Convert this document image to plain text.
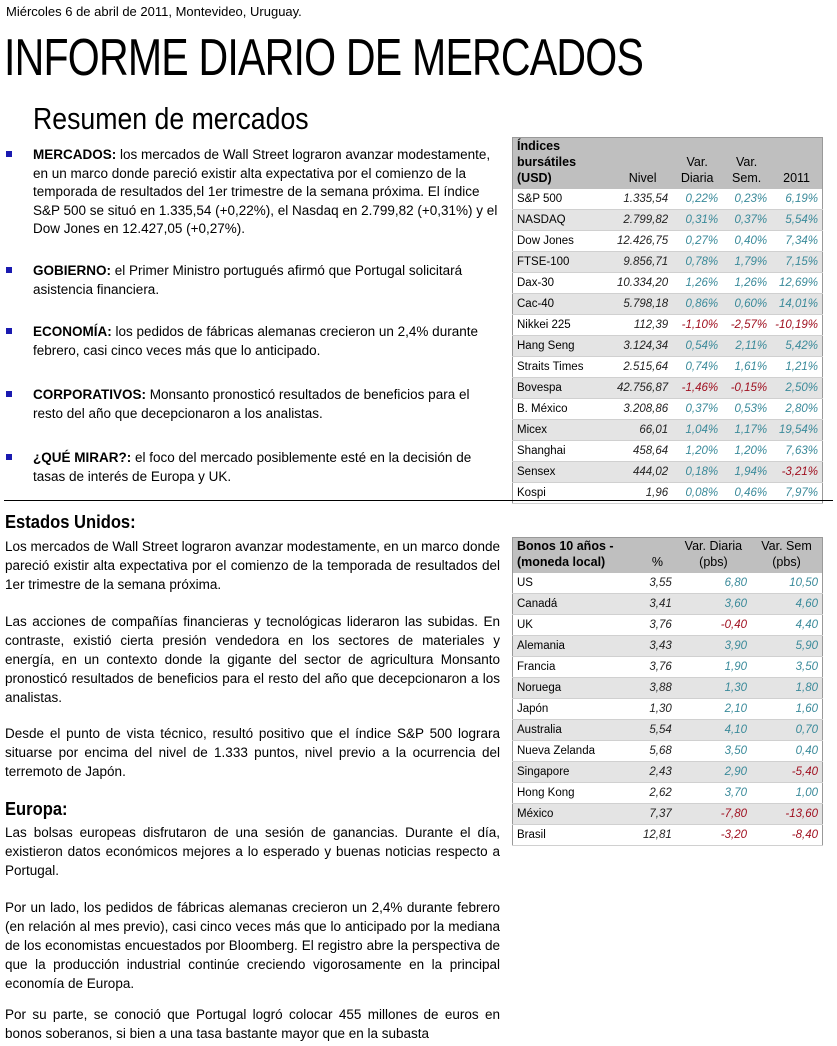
Miércoles 6 de abril de 2011, Montevideo, Uruguay.
INFORME DIARIO DE MERCADOS
Resumen de mercados
MERCADOS: los mercados de Wall Street lograron avanzar modestamente, en un marco donde pareció existir alta expectativa por el comienzo de la temporada de resultados del 1er trimestre de la semana próxima. El índice S&P 500 se situó en 1.335,54 (+0,22%), el Nasdaq en 2.799,82 (+0,31%) y el Dow Jones en 12.427,05 (+0,27%).
GOBIERNO: el Primer Ministro portugués afirmó que Portugal solicitará asistencia financiera.
ECONOMÍA: los pedidos de fábricas alemanas crecieron un 2,4% durante febrero, casi cinco veces más que lo anticipado.
CORPORATIVOS: Monsanto pronosticó resultados de beneficios para el resto del año que decepcionaron a los analistas.
¿QUÉ MIRAR?: el foco del mercado posiblemente esté en la decisión de tasas de interés de Europa y UK.
Índices bursátiles (USD)	Nivel	Var. Diaria	Var. Sem.	2011
S&P 500	1.335,54	0,22%	0,23%	6,19%
NASDAQ	2.799,82	0,31%	0,37%	5,54%
Dow Jones	12.426,75	0,27%	0,40%	7,34%
FTSE-100	9.856,71	0,78%	1,79%	7,15%
Dax-30	10.334,20	1,26%	1,26%	12,69%
Cac-40	5.798,18	0,86%	0,60%	14,01%
Nikkei 225	112,39	-1,10%	-2,57%	-10,19%
Hang Seng	3.124,34	0,54%	2,11%	5,42%
Straits Times	2.515,64	0,74%	1,61%	1,21%
Bovespa	42.756,87	-1,46%	-0,15%	2,50%
B. México	3.208,86	0,37%	0,53%	2,80%
Micex	66,01	1,04%	1,17%	19,54%
Shanghai	458,64	1,20%	1,20%	7,63%
Sensex	444,02	0,18%	1,94%	-3,21%
Kospi	1,96	0,08%	0,46%	7,97%
Estados Unidos:

Los mercados de Wall Street lograron avanzar modestamente, en un marco donde pareció existir alta expectativa por el comienzo de la temporada de resultados del 1er trimestre de la semana próxima.

Las acciones de compañías financieras y tecnológicas lideraron las subidas. En contraste, existió cierta presión vendedora en los sectores de materiales y energía, en un contexto donde la gigante del sector de agricultura Monsanto pronosticó resultados de beneficios para el resto del año que decepcionaron a los analistas.

Desde el punto de vista técnico, resultó positivo que el índice S&P 500 lograra situarse por encima del nivel de 1.333 puntos, nivel previo a la ocurrencia del terremoto de Japón.

Europa:

Las bolsas europeas disfrutaron de una sesión de ganancias. Durante el día, existieron datos económicos mejores a lo esperado y buenas noticias respecto a Portugal.

Por un lado, los pedidos de fábricas alemanas crecieron un 2,4% durante febrero (en relación al mes previo), casi cinco veces más que lo anticipado por la mediana de los economistas encuestados por Bloomberg. El registro abre la perspectiva de que la producción industrial continúe creciendo vigorosamente en la principal economía de Europa.

Por su parte, se conoció que Portugal logró colocar 455 millones de euros en bonos soberanos, si bien a una tasa bastante mayor que en la subasta

Bonos 10 años - (moneda local)	%	Var. Diaria (pbs)	Var. Sem (pbs)
US	3,55	6,80	10,50
Canadá	3,41	3,60	4,60
UK	3,76	-0,40	4,40
Alemania	3,43	3,90	5,90
Francia	3,76	1,90	3,50
Noruega	3,88	1,30	1,80
Japón	1,30	2,10	1,60
Australia	5,54	4,10	0,70
Nueva Zelanda	5,68	3,50	0,40
Singapore	2,43	2,90	-5,40
Hong Kong	2,62	3,70	1,00
México	7,37	-7,80	-13,60
Brasil	12,81	-3,20	-8,40
